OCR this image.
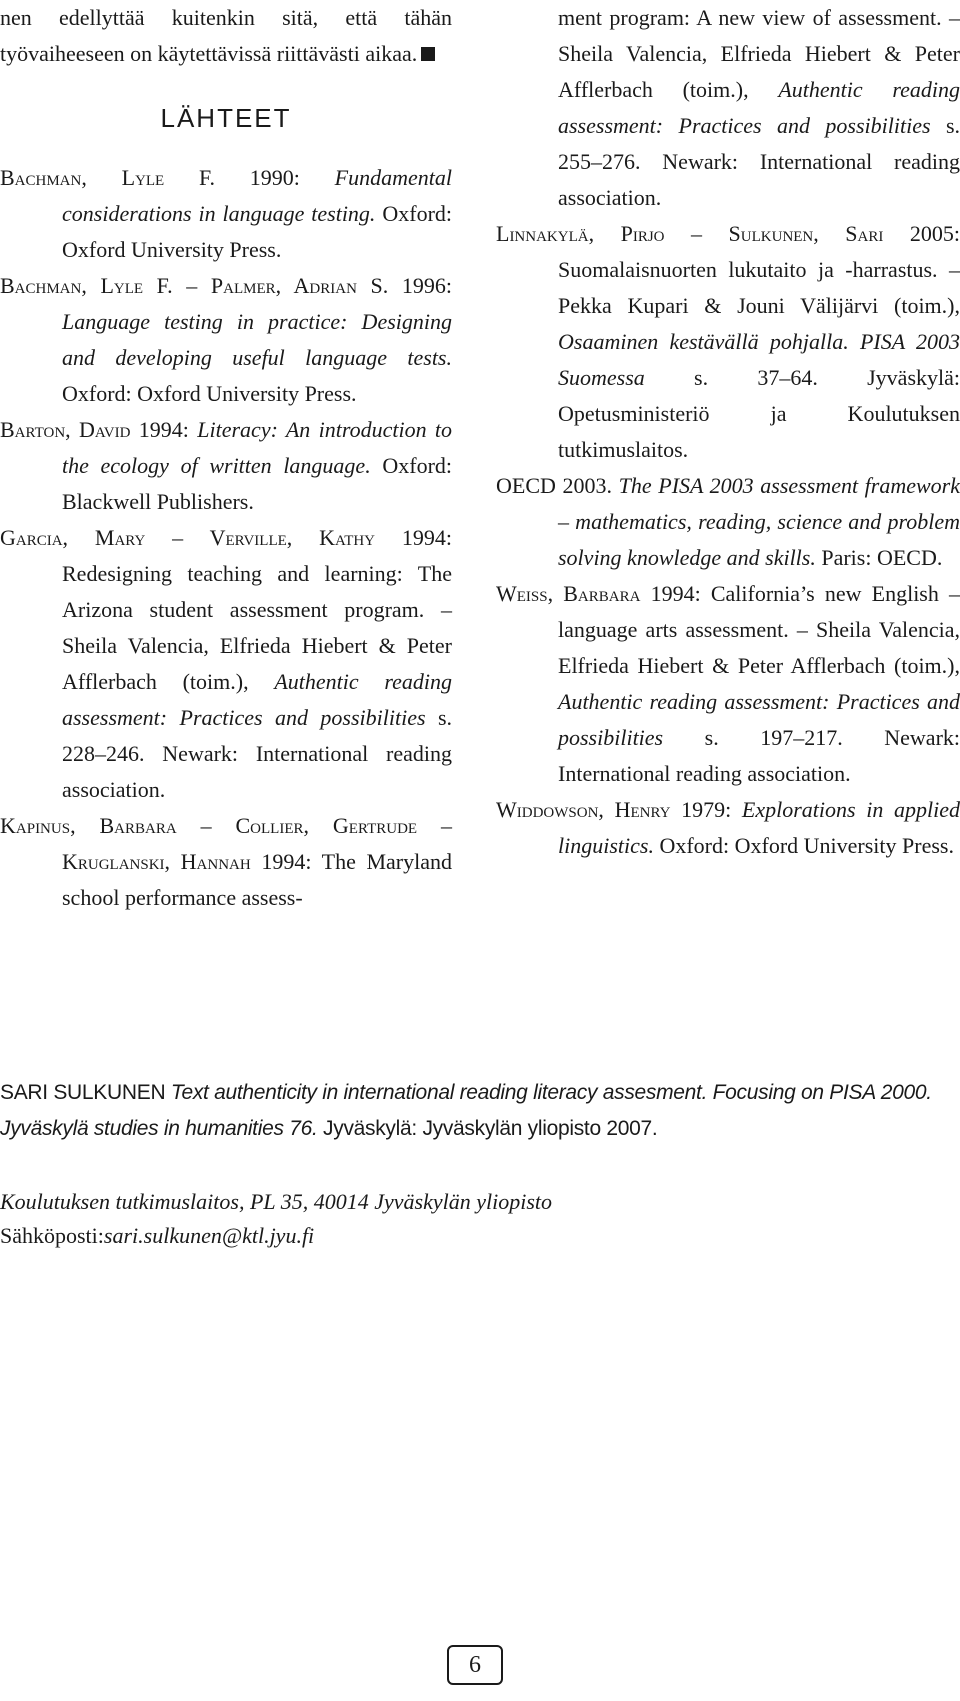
nen edellyttää kuitenkin sitä, että tähän työvaiheeseen on käytettävissä riittävästi aikaa.

LÄHTEET

Bachman, Lyle F. 1990: Fundamental considerations in language testing. Oxford: Oxford University Press.

Bachman, Lyle F. – Palmer, Adrian S. 1996: Language testing in practice: Designing and developing useful language tests. Oxford: Oxford University Press.

Barton, David 1994: Literacy: An introduction to the ecology of written language. Oxford: Blackwell Publishers.

Garcia, Mary – Verville, Kathy 1994: Redesigning teaching and learning: The Arizona student assessment program. – Sheila Valencia, Elfrieda Hiebert & Peter Afflerbach (toim.), Authentic reading assessment: Practices and possibilities s. 228–246. Newark: International reading association.

Kapinus, Barbara – Collier, Gertrude – Kruglanski, Hannah 1994: The Maryland school performance assess-

ment program: A new view of assessment. – Sheila Valencia, Elfrieda Hiebert & Peter Afflerbach (toim.), Authentic reading assessment: Practices and possibilities s. 255–276. Newark: International reading association.

Linnakylä, Pirjo – Sulkunen, Sari 2005: Suomalaisnuorten lukutaito ja -harrastus. – Pekka Kupari & Jouni Välijärvi (toim.), Osaaminen kestävällä pohjalla. PISA 2003 Suomessa s. 37–64. Jyväskylä: Opetusministeriö ja Koulutuksen tutkimuslaitos.

OECD 2003. The PISA 2003 assessment framework – mathematics, reading, science and problem solving knowledge and skills. Paris: OECD.

Weiss, Barbara 1994: California’s new English – language arts assessment. – Sheila Valencia, Elfrieda Hiebert & Peter Afflerbach (toim.), Authentic reading assessment: Practices and possibilities s. 197–217. Newark: International reading association.

Widdowson, Henry 1979: Explorations in applied linguistics. Oxford: Oxford University Press.

SARI SULKUNEN Text authenticity in international reading literacy assesment. Focusing on PISA 2000. Jyväskylä studies in humanities 76. Jyväskylä: Jyväskylän yliopisto 2007.
Koulutuksen tutkimuslaitos, PL 35, 40014 Jyväskylän yliopisto
Sähköposti:sari.sulkunen@ktl.jyu.fi
6
